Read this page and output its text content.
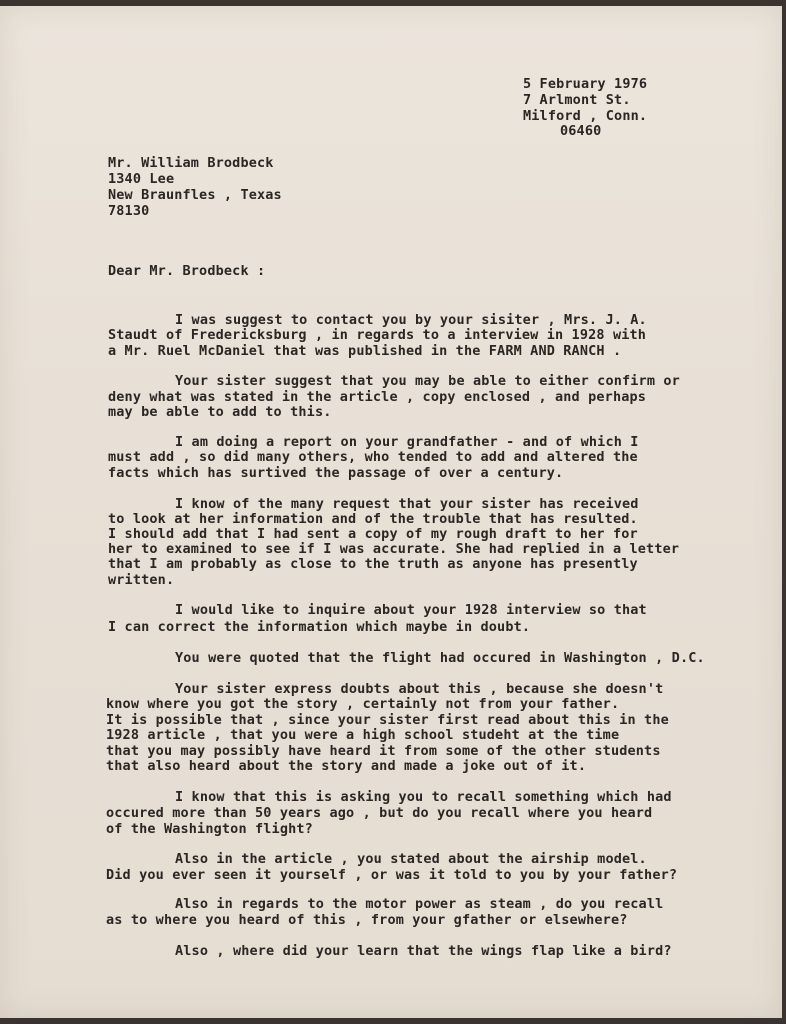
5 February 1976
7 Arlmont St.
Milford , Conn.
06460
Mr. William Brodbeck
1340 Lee
New Braunfles , Texas
78130
Dear Mr. Brodbeck :
I was suggest to contact you by your sisiter , Mrs. J. A.
Staudt of Fredericksburg , in regards to a interview in 1928 with
a Mr. Ruel McDaniel that was published in the FARM AND RANCH .
Your sister suggest that you may be able to either confirm or
deny what was stated in the article , copy enclosed , and perhaps
may be able to add to this.
I am doing a report on your grandfather - and of which I
must add , so did many others, who tended to add and altered the
facts which has surtived the passage of over a century.
I know of the many request that your sister has received
to look at her information and of the trouble that has resulted.
I should add that I had sent a copy of my rough draft to her for
her to examined to see if I was accurate. She had replied in a letter
that I am probably as close to the truth as anyone has presently
written.
I would like to inquire about your 1928 interview so that
I can correct the information which maybe in doubt.
You were quoted that the flight had occured in Washington , D.C.
Your sister express doubts about this , because she doesn't
know where you got the story , certainly not from your father.
It is possible that , since your sister first read about this in the
1928 article , that you were a high school studeht at the time
that you may possibly have heard it from some of the other students
that also heard about the story and made a joke out of it.
I know that this is asking you to recall something which had
occured more than 50 years ago , but do you recall where you heard
of the Washington flight?
Also in the article , you stated about the airship model.
Did you ever seen it yourself , or was it told to you by your father?
Also in regards to the motor power as steam , do you recall
as to where you heard of this , from your gfather or elsewhere?
Also , where did your learn that the wings flap like a bird?
